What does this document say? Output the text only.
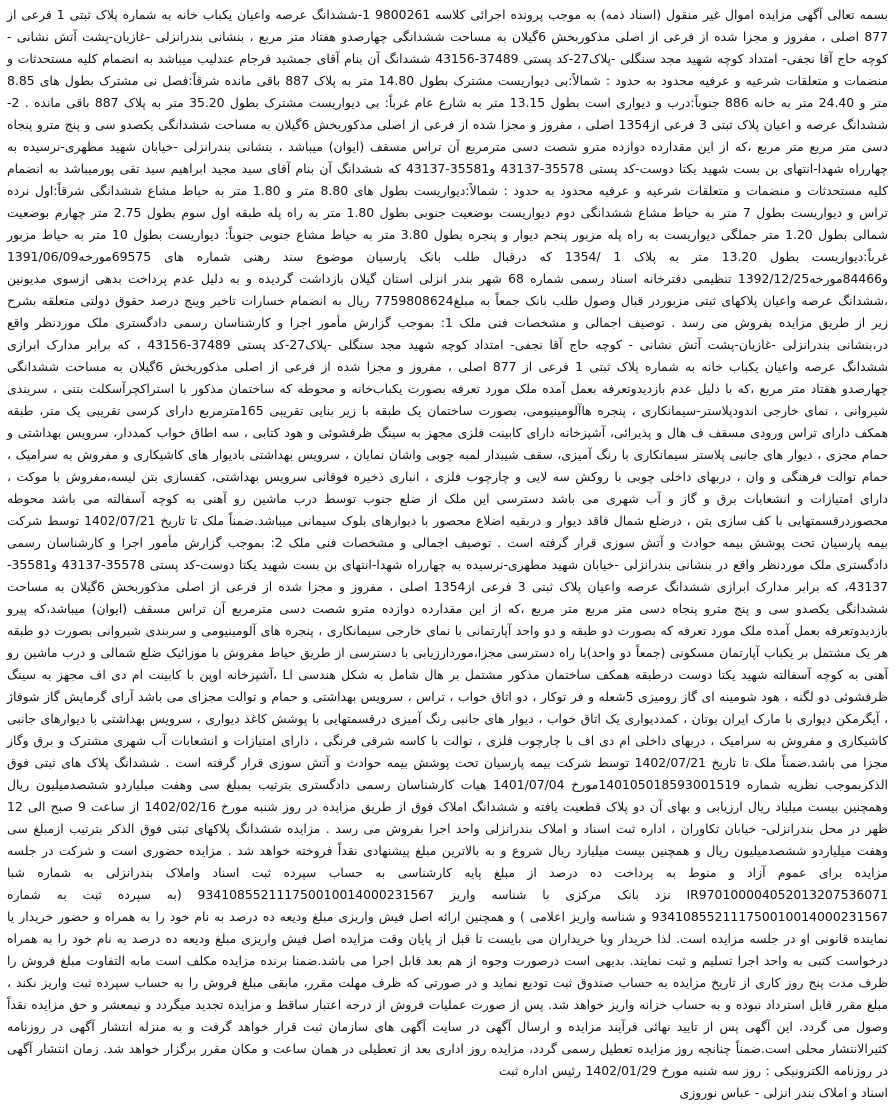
بسمه تعالی آگهی مزایده اموال غیر منقول (اسناد ذمه) به موجب پرونده اجرائی کلاسه 9800261 1-ششدانگ عرصه واعیان یکباب خانه به شماره پلاک ثبتی 1 فرعی از 877 اصلی ، مفروز و مجزا شده از فرعی از اصلی مذکوربخش 6گیلان به مساحت ششدانگی چهارصدو هفتاد متر مربع ، بنشانی بندرانزلی -غازیان-پشت آتش نشانی - کوچه حاج آقا نجفی- امتداد کوچه شهید مجد سنگلی -پلاک27-کد پستی 37489-43156 ششدانگ آن بنام آقای جمشید فرجام عندلیب میباشد به انضمام کلیه مستحدثات و منضمات و متعلقات شرعیه و عرفیه محدود به حدود : شمالاً:بی دیواریست مشترک بطول 14.80 متر به پلاک 887 باقی مانده شرقاً:فصل نی مشترک بطول های 8.85 متر و 24.40 متر به خانه 886 جنوباً:درب و دیواری است بطول 13.15 متر به شارع عام غرباً: بی دیواریست مشترک بطول 35.20 متر به پلاک 887 باقی مانده . 2-ششدانگ عرصه و اعیان پلاک ثبتی 3 فرعی از1354 اصلی ، مفروز و مجزا شده از فرعی از اصلی مذکوربخش 6گیلان به مساحت ششدانگی یکصدو سی و پنج مترو پنجاه دسی متر مربع متر مربع ،که از این مقدارده دوازده مترو شصت دسی مترمربع آن تراس مسقف (ایوان) میباشد ، بنشانی بندرانزلی -خیابان شهید مطهری-نرسیده به چهارراه شهدا-انتهای بن بست شهید یکتا دوست-کد پستی 35578-43137 و35581-43137 که ششدانگ آن بنام آقای سید مجید ابراهیم سید تقی پورمیباشد به انضمام کلیه مستحدثات و منضمات و متعلقات شرعیه و عرفیه محدود به حدود : شمالاً:دیواریست بطول های 8.80 متر و 1.80 متر به حیاط مشاع ششدانگی شرقاً:اول نرده تراس و دیواریست بطول 7 متر به حیاط مشاع ششدانگی دوم دیواریست بوضعیت جنوبی بطول 1.80 متر به راه پله طبقه اول سوم بطول 2.75 متر چهارم بوضعیت شمالی بطول 1.20 متر جملگی دیواریست به راه پله مزبور پنجم دیوار و پنجره بطول 3.80 متر به حیاط مشاع جنوبی جنوباً: دیواریست بطول 10 متر به حیاط مزبور غرباً:دیواریست بطول 13.20 متر به پلاک 1 /1354 که درقبال طلب بانک پارسیان موضوع سند رهنی شماره های 69575مورخه1391/06/09 و84466مورخه1392/12/25 تنظیمی دفترخانه اسناد رسمی شماره 68 شهر بندر انزلی استان گیلان بازداشت گردیده و به دلیل عدم پرداخت بدهی ازسوی مدیونین ،ششدانگ عرصه واعیان پلاکهای ثبتی مزبوردر قبال وصول طلب بانک جمعاً به مبلغ7759808624 ریال به انضمام خسارات تاخیر وینج درصد حقوق دولتی متعلقه بشرح زیر از طریق مزایده بفروش می رسد . توصیف اجمالی و مشخصات فنی ملک 1: بموجب گزارش مأمور اجرا و کارشناسان رسمی دادگستری ملک موردنظر واقع در،بنشانی بندرانزلی -غازیان-پشت آتش نشانی - کوچه حاج آقا نجفی- امتداد کوچه شهید مجد سنگلی -پلاک27-کد پستی 37489-43156 ، که برابر مدارک ابرازی ششدانگ عرصه واعیان یکباب خانه به شماره پلاک ثبتی 1 فرعی از 877 اصلی ، مفروز و مجزا شده از فرعی از اصلی مذکوربخش 6گیلان به مساحت ششدانگی چهارصدو هفتاد متر مربع ،که با دلیل عدم بازدیدوتعرفه بعمل آمده ملک مورد تعرفه بصورت یکباب‌خانه و محوطه که ساختمان مذکور با استراکچرآسکلت بتنی ، سربندی شیروانی ، نمای خارجی اندودپلاستر-سیمانکاری ، پنجره هاآلومینیومی، بصورت ساختمان یک طبقه با زیر بنایی تقریبی 165مترمربع دارای کرسی تقریبی یک متر، طبقه همکف دارای تراس ورودی مسقف ف هال و پذیرائی، آشپزخانه دارای کابینت فلزی مجهز به سینگ ظرفشوئی و هود کتابی ، سه اطاق خواب کمددار، سرویس بهداشتی و حمام مجزی ، دیوار های جانبی پلاستر سیمانکاری با رنگ آمیزی، سقف شیبدار لمبه چوبی واشان نمایان ، سرویس بهداشتی بادیوار های کاشیکاری و مفروش به سرامیک ، حمام توالت فرهنگی و وان ، دربهای داخلی چوبی با روکش سه لایی و چارچوب فلزی ، انباری ذخیره فوقانی سرویس بهداشتی، کفسازی بتن لیسه،مفروش با موکت ، دارای امتیازات و انشعابات برق و گاز و آب شهری می باشد دسترسی این ملک از ضلع جنوب توسط درب ماشین رو آهنی به کوچه آسفالته می باشد محوطه محصوردرقسمتهایی با کف سازی بتن ، درضلع شمال فاقد دیوار و دربقیه اضلاع محصور با دیوارهای بلوک سیمانی میباشد.ضمناً ملک تا تاریخ 1402/07/21 توسط شرکت بیمه پارسیان تحت پوشش بیمه حوادث و آتش سوزی قرار گرفته است . توصیف اجمالی و مشخصات فنی ملک 2: بموجب گزارش مأمور اجرا و کارشناسان رسمی دادگستری ملک موردنظر واقع در بنشانی بندرانزلی -خیابان شهید مطهری-نرسیده به چهارراه شهدا-انتهای بن بست شهید یکتا دوست-کد پستی 35578-43137 و35581-43137، که برابر مدارک ابرازی ششدانگ عرصه واعیان پلاک ثبتی 3 فرعی از1354 اصلی ، مفروز و مجزا شده از فرعی از اصلی مذکوربخش 6گیلان به مساحت ششدانگی یکصدو سی و پنج مترو پنجاه دسی متر مربع متر مربع ،که از این مقدارده دوازده مترو شصت دسی مترمربع آن تراس مسقف (ایوان) میباشد،که پیرو بازدیدوتعرفه بعمل آمده ملک مورد تعرفه که بصورت دو طبقه و دو واحد آپارتمانی با نمای خارجی سیمانکاری ، پنجره های آلومینیومی و سربندی شیروانی بصورت دو طبقه هر یک مشتمل بر یکباب آپارتمان مسکونی (جمعاً دو واحد)با راه دسترسی مجزا،موردارزیابی با دسترسی از طریق حیاط مفروش با موزائیک ضلع شمالی و درب ماشین رو آهنی به کوچه آسفالته شهید یکتا دوست درطبقه همکف ساختمان مذکور مشتمل بر هال شامل به شکل هندسی اL ،آشپزخانه اوپن با کابینت ام دی اف مجهز به سینگ ظرفشوئی دو لگنه ، هود شومینه ای گاز رومیزی 5شعله و فر توکار ، دو اتاق خواب ، تراس ، سرویس بهداشتی و حمام و توالت مجزای می باشد آرای گرمایش گاز شوفاژ ، آیگرمکن دیواری با مارک ایران بوتان ، کمددیواری یک اتاق خواب ، دیوار های جانبی رنگ آمیزی درقسمتهایی با پوشش کاغذ دیواری ، سرویس بهداشتی با دیوارهای جانبی کاشیکاری و مفروش به سرامیک ، دربهای داخلی ام دی اف با چارچوب فلزی ، توالت با کاسه شرقی فرنگی ، دارای امتیازات و انشعابات آب شهری مشترک و برق وگاز مجزا می باشد.ضمناً ملک تا تاریخ 1402/07/21 توسط شرکت بیمه پارسیان تحت پوشش بیمه حوادث و آتش سوزی قرار گرفته است . ششدانگ پلاک های ثبتی فوق الذکربموجب نظریه شماره 140105018593001519مورخ 1401/07/04 هیات کارشناسان رسمی دادگستری بترتیب بمبلغ سی وهفت میلیاردو ششصدمیلیون ریال وهمچنین بیست میلیاد ریال ارزیابی و بهای آن دو پلاک قطعیت یافته و ششدانگ املاک فوق از طریق مزایده در روز شنبه مورخ 1402/02/16 از ساعت 9 صبح الی 12 ظهر در محل بندرانزلی- خیابان تکاوران ، اداره ثبت اسناد و املاک بندرانزلی واحد اجرا بفروش می رسد . مزایده ششدانگ پلاکهای ثبتی فوق الذکر بترتیب ازمبلغ سی وهفت میلیاردو ششصدمیلیون ریال و همچنین بیست میلیارد ریال شروع و به بالاترین مبلغ پیشنهادی نقداً فروخته خواهد شد . مزایده حضوری است و شرکت در جلسه مزایده برای عموم آزاد و منوط به پرداخت ده درصد از مبلغ پایه کارشناسی به حساب سپرده ثبت اسناد واملاک بندرانزلی به شماره شبا IR970100004052013207536071 نزد بانک مرکزی با شناسه واریز 934108552111750010014000231567 (به سپرده ثبت به شماره 934108552111750010014000231567 و شناسه واریز اعلامی ) و همچنین ارائه اصل فیش واریزی مبلغ ودیعه ده درصد به نام خود را به همراه و حضور خریدار یا نماینده قانونی او در جلسه مزایده است. لذا خریدار ویا خریداران می بایست تا قبل از پایان وقت مزایده اصل فیش واریزی مبلغ ودیعه ده درصد به نام خود را به همراه درخواست کتبی به واحد اجرا تسلیم و ثبت نمایند. بدیهی است درصورت وجوه از هم بعد قابل اجرا می باشد.ضمنا برنده مزایده مکلف است مابه التفاوت مبلغ فروش را ظرف مدت پنج روز کاری از تاریخ مزایده به حساب صندوق ثبت تودیع نماید و در صورتی که ظرف مهلت مقرر، مابقی مبلغ فروش را به حساب سپرده ثبت واریز نکند ، مبلغ مقرر قابل استرداد نبوده و به حساب خزانه واریز خواهد شد. پس از صورت عملیات فروش از درجه اعتبار ساقط و مزایده تجدید میگردد و نیمعشر و حق مزایده نقداً وصول می گردد. این آگهی پس از تایید نهائی فرآیند مزایده و ارسال آگهی در سایت آگهی های سازمان ثبت قرار خواهد گرفت و به منزله انتشار آگهی در روزنامه کثیرالانتشار محلی است.ضمناً چنانچه روز مزایده تعطیل رسمی گردد، مزایده روز اداری بعد از تعطیلی در همان ساعت و مکان مقرر برگزار خواهد شد. زمان انتشار آگهی در روزنامه الکترونیکی : روز سه شنبه مورخ 1402/01/29 رئیس اداره ثبت

اسناد و املاک بندر انزلی - عباس نوروزی
